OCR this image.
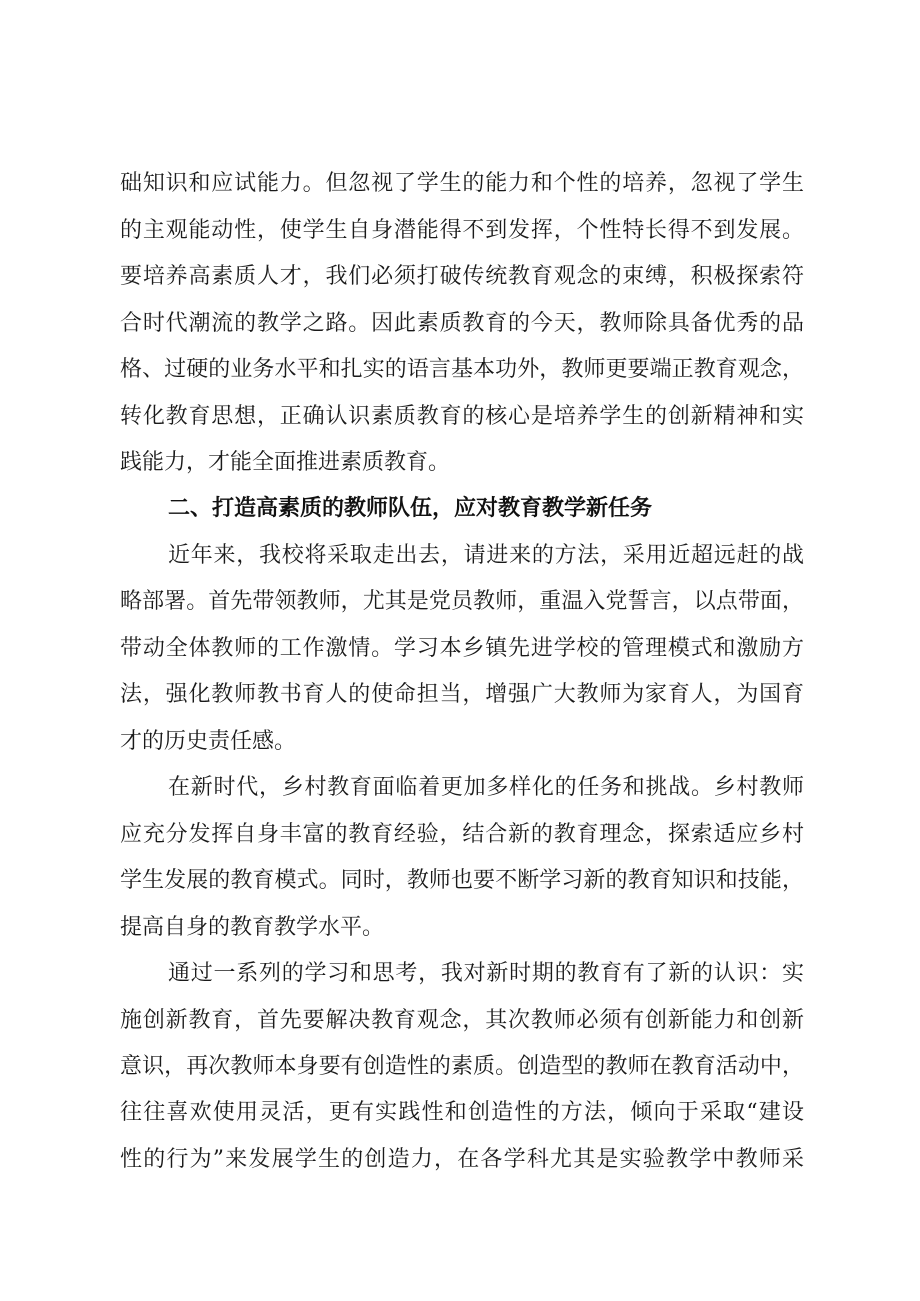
础知识和应试能力。但忽视了学生的能力和个性的培养，忽视了学生

的主观能动性，使学生自身潜能得不到发挥，个性特长得不到发展。

要培养高素质人才，我们必须打破传统教育观念的束缚，积极探索符

合时代潮流的教学之路。因此素质教育的今天，教师除具备优秀的品

格、过硬的业务水平和扎实的语言基本功外，教师更要端正教育观念，

转化教育思想，正确认识素质教育的核心是培养学生的创新精神和实

践能力，才能全面推进素质教育。

二、打造高素质的教师队伍，应对教育教学新任务

近年来，我校将采取走出去，请进来的方法，采用近超远赶的战

略部署。首先带领教师，尤其是党员教师，重温入党誓言，以点带面，

带动全体教师的工作激情。学习本乡镇先进学校的管理模式和激励方

法，强化教师教书育人的使命担当，增强广大教师为家育人，为国育

才的历史责任感。

在新时代，乡村教育面临着更加多样化的任务和挑战。乡村教师

应充分发挥自身丰富的教育经验，结合新的教育理念，探索适应乡村

学生发展的教育模式。同时，教师也要不断学习新的教育知识和技能，

提高自身的教育教学水平。

通过一系列的学习和思考，我对新时期的教育有了新的认识：实

施创新教育，首先要解决教育观念，其次教师必须有创新能力和创新

意识，再次教师本身要有创造性的素质。创造型的教师在教育活动中，

往往喜欢使用灵活，更有实践性和创造性的方法，倾向于采取“建设

性的行为”来发展学生的创造力，在各学科尤其是实验教学中教师采
